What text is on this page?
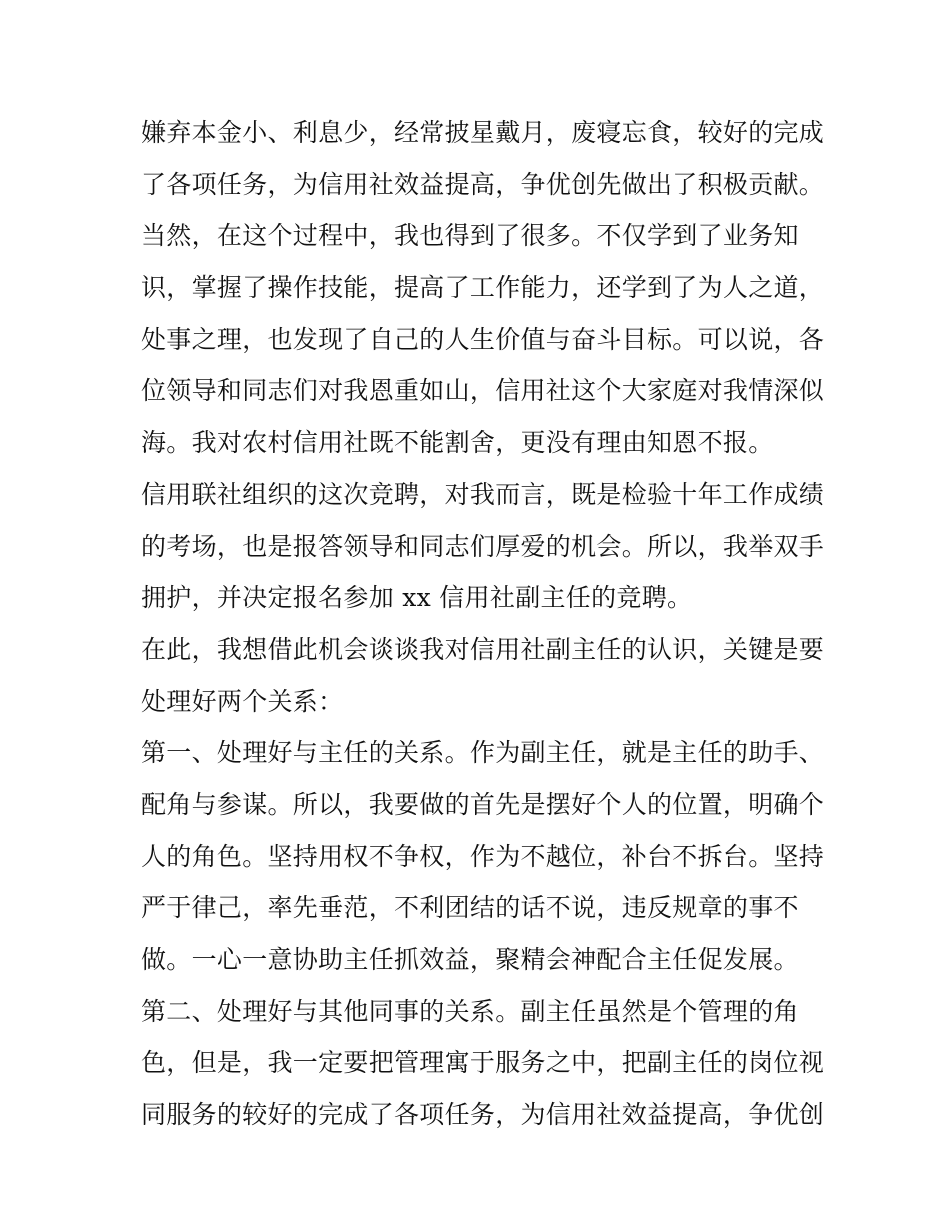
嫌弃本金小、利息少，经常披星戴月，废寝忘食，较好的完成
了各项任务，为信用社效益提高，争优创先做出了积极贡献。
当然，在这个过程中，我也得到了很多。不仅学到了业务知
识，掌握了操作技能，提高了工作能力，还学到了为人之道，
处事之理，也发现了自己的人生价值与奋斗目标。可以说，各
位领导和同志们对我恩重如山，信用社这个大家庭对我情深似
海。我对农村信用社既不能割舍，更没有理由知恩不报。
信用联社组织的这次竞聘，对我而言，既是检验十年工作成绩
的考场，也是报答领导和同志们厚爱的机会。所以，我举双手
拥护，并决定报名参加 xx 信用社副主任的竞聘。
在此，我想借此机会谈谈我对信用社副主任的认识，关键是要
处理好两个关系：
第一、处理好与主任的关系。作为副主任，就是主任的助手、
配角与参谋。所以，我要做的首先是摆好个人的位置，明确个
人的角色。坚持用权不争权，作为不越位，补台不拆台。坚持
严于律己，率先垂范，不利团结的话不说，违反规章的事不
做。一心一意协助主任抓效益，聚精会神配合主任促发展。
第二、处理好与其他同事的关系。副主任虽然是个管理的角
色，但是，我一定要把管理寓于服务之中，把副主任的岗位视
同服务的较好的完成了各项任务，为信用社效益提高，争优创
